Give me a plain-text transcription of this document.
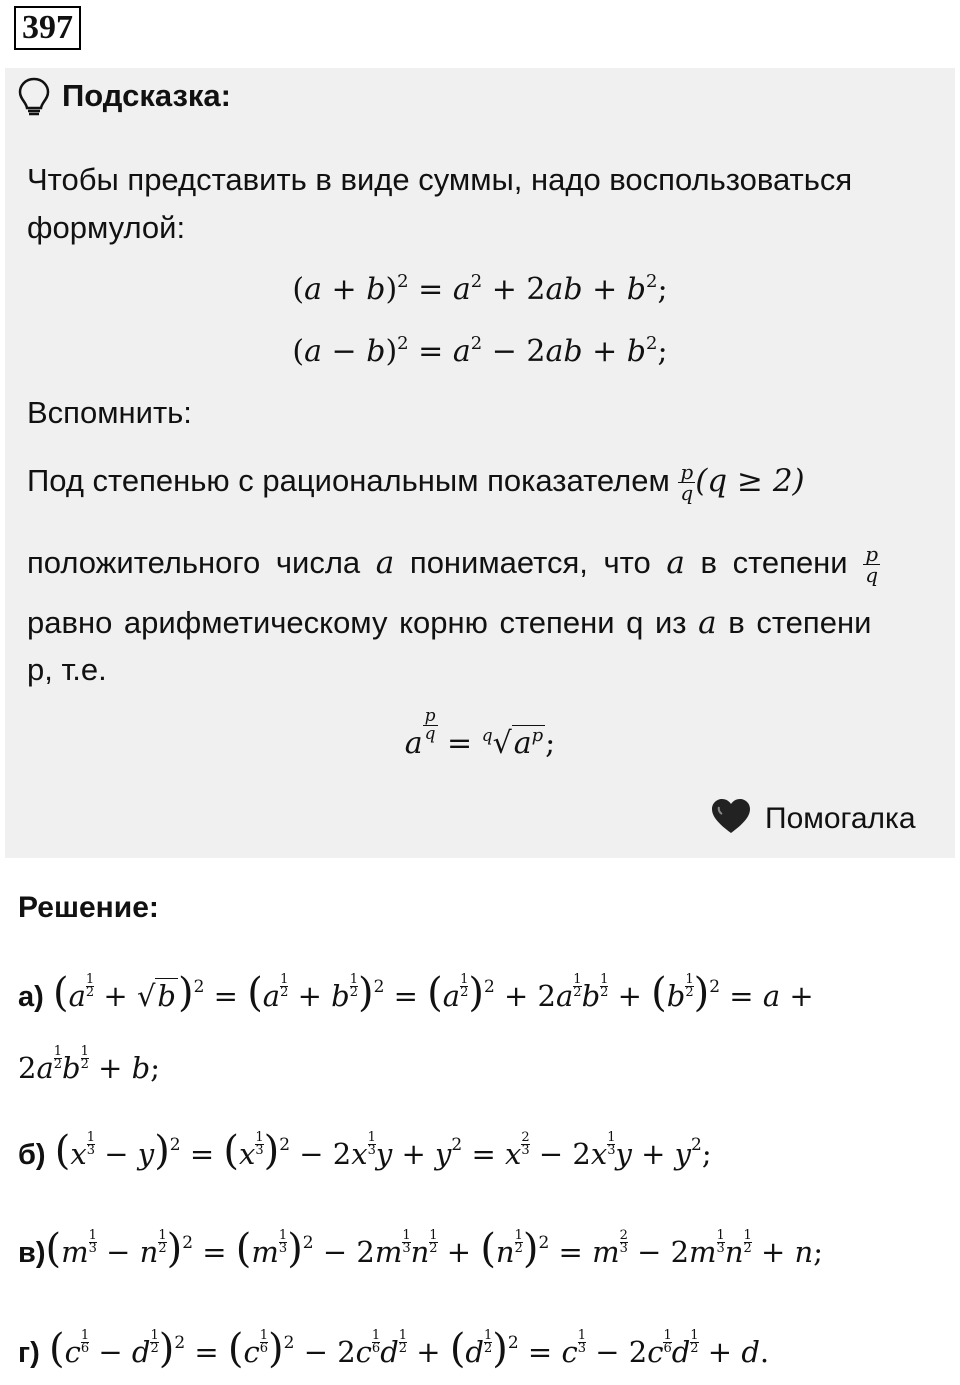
397
Подсказка:
Чтобы представить в виде суммы, надо воспользоваться
формулой:
$(a + b)^2 = a^2 + 2ab + b^2$;
$(a - b)^2 = a^2 - 2ab + b^2$;
Вспомнить:
Под степенью с рациональным показателем $\frac{p}{q} (q \ge 2)$
положительного числа a понимается, что a в степени $\frac{p}{q}$
равно арифметическому корню степени q из a в степени
p, т.е.
a
$\frac{p}{q}$
= $^q√a^p$;
Помогалка
Решение:
а) $(a \frac{1}{2} + √b)^2 = (a \frac{1}{2} + b \frac{1}{2} )^2 = (a \frac{1}{2} )^2 + 2a \frac{1}{2}$ b $\frac{1}{2} + (b \frac{1}{2} )^2 = a$ +
$2a \frac{1}{2}$ b $\frac{1}{2} + b$;
б) $(x \frac{1}{3} - y)^2 = (x \frac{1}{3} )^2 - 2x \frac{1}{3}$ $y + y^2 = x \frac{2}{3} - 2x \frac{1}{3}$ $y + y^2$;
$в)(m \frac{1}{3} - n \frac{1}{2} )^2 = (m \frac{1}{3} )^2 - 2m \frac{1}{3}$ n $\frac{1}{2} + (n \frac{1}{2} )^2 = m \frac{2}{3} - 2m \frac{1}{3}$ n $\frac{1}{2} + n$;
г) $(c \frac{1}{6} - d \frac{1}{2} )^2 = (c \frac{1}{6} )^2 - 2c \frac{1}{6}$ d $\frac{1}{2} + (d \frac{1}{2} )^2 = c \frac{1}{3} - 2c \frac{1}{6}$ d $\frac{1}{2} + d$.
